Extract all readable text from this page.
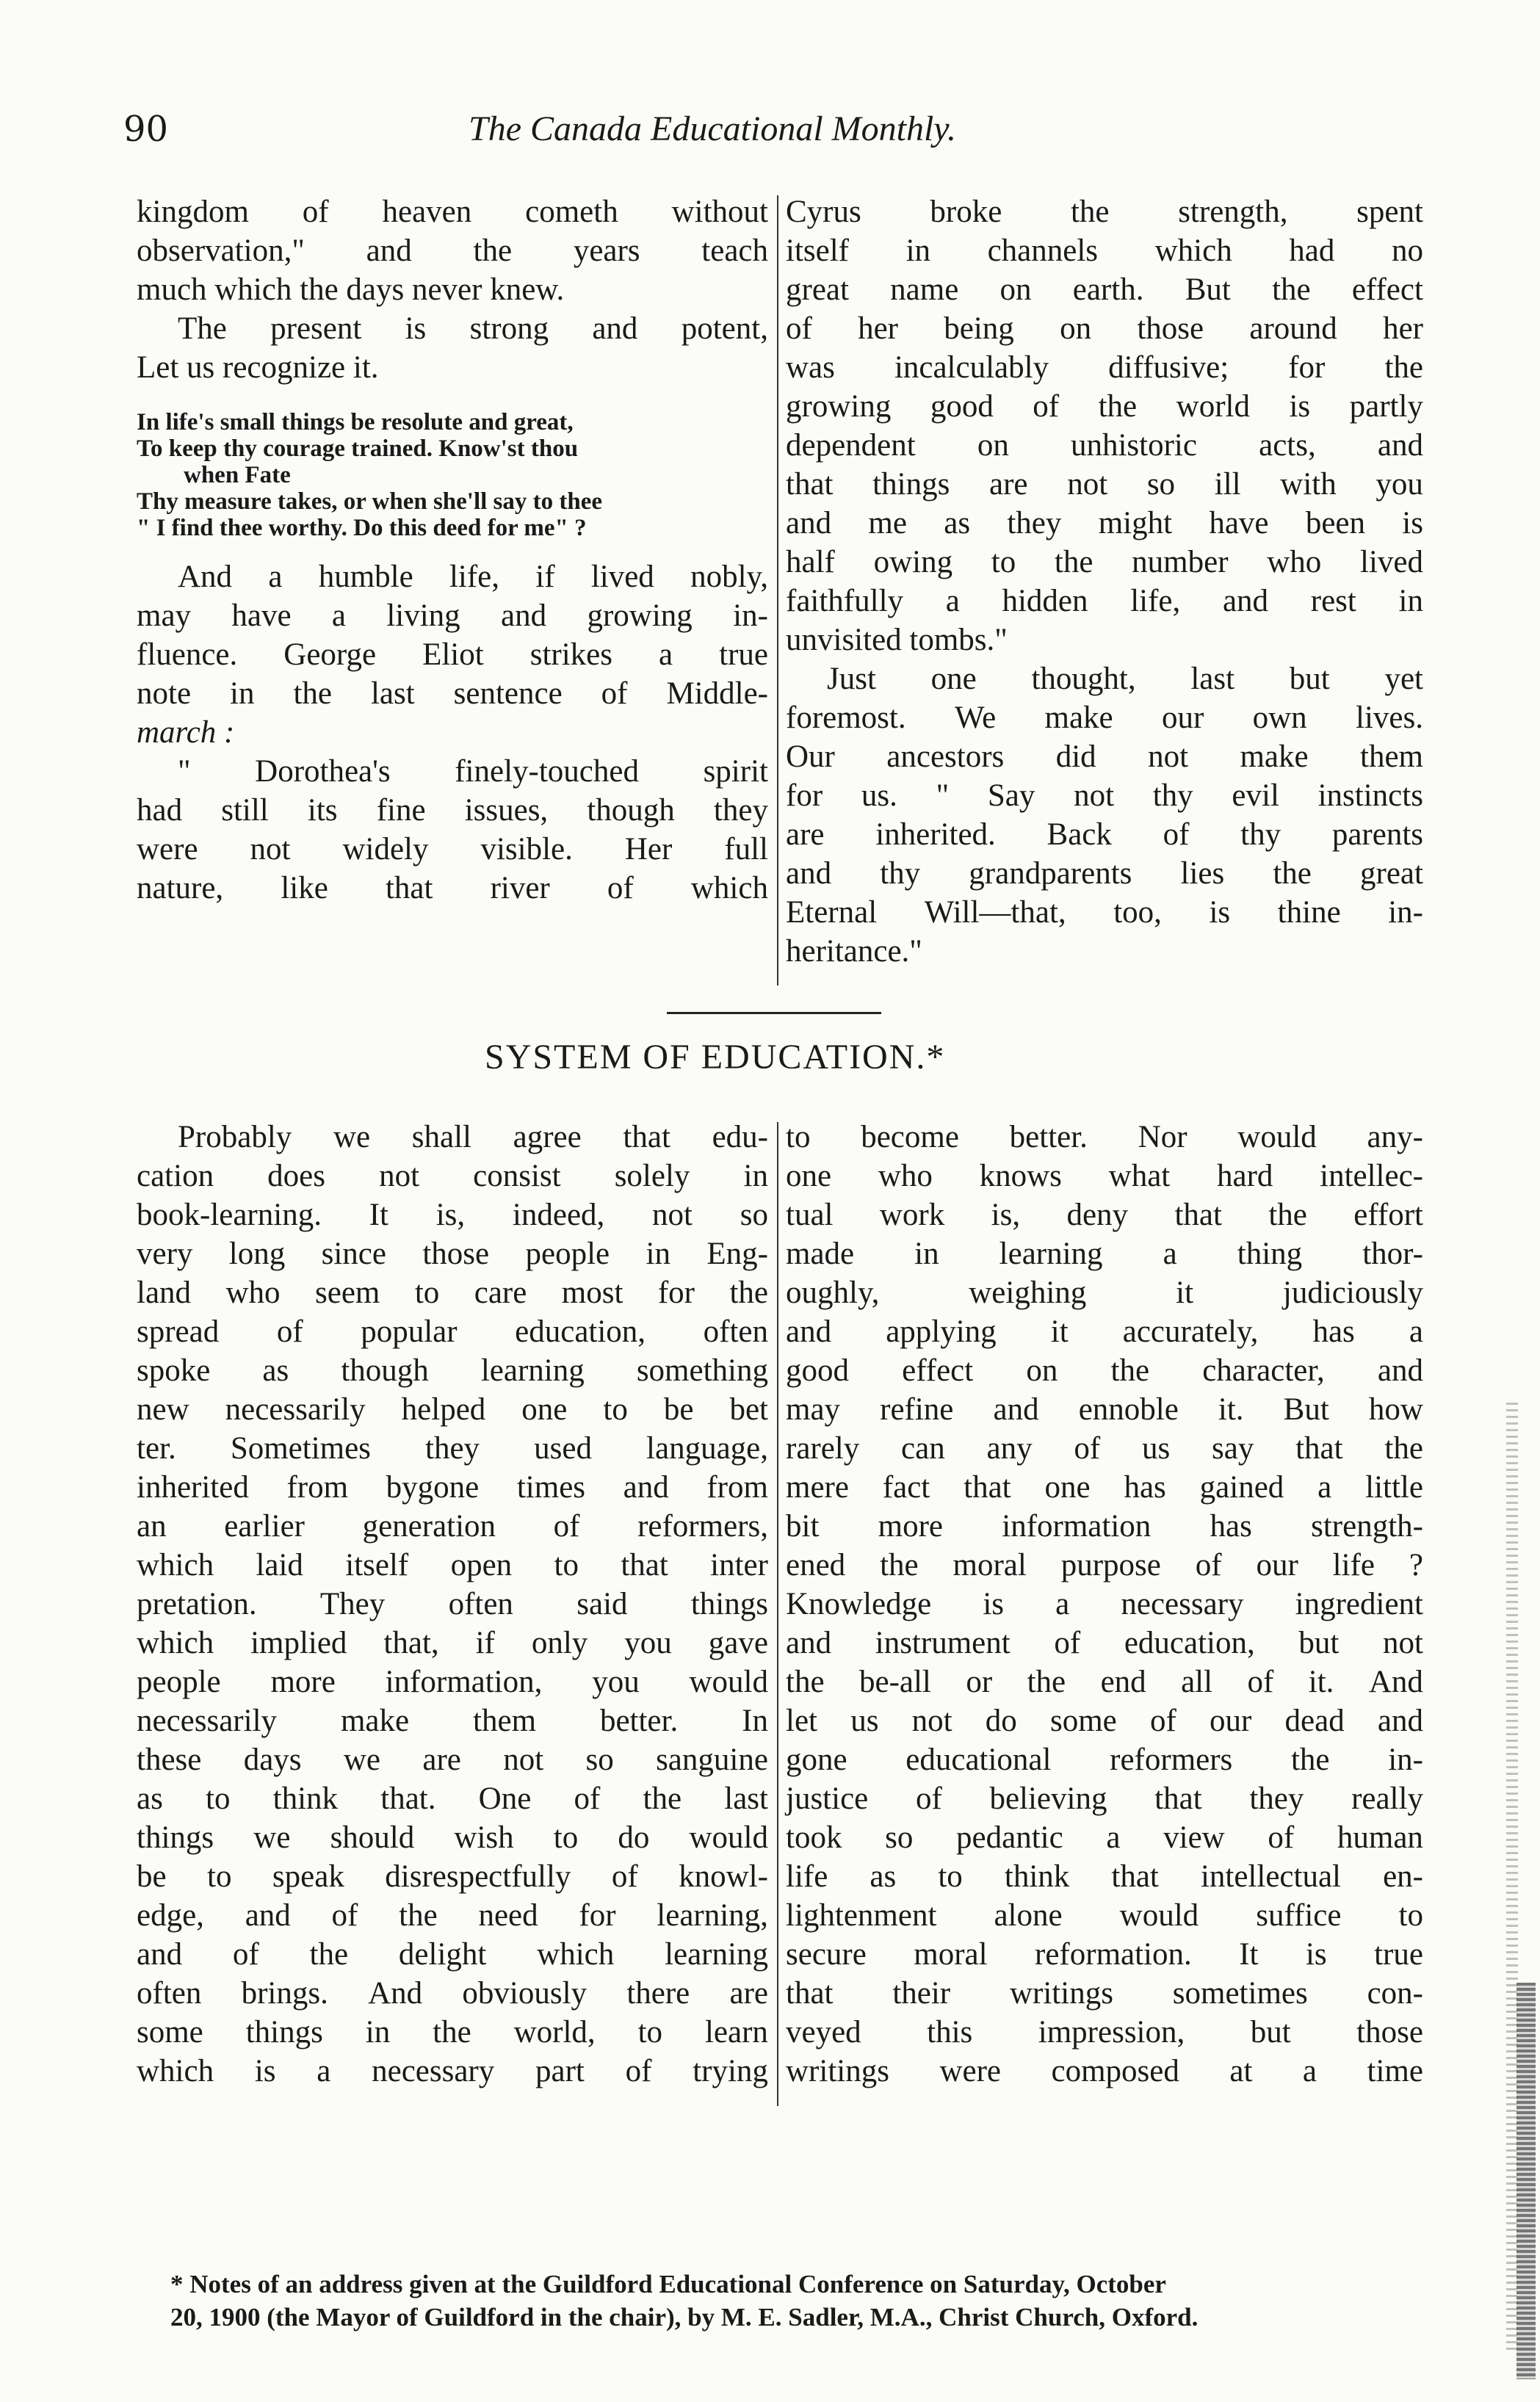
90	The Canada Educational Monthly.
kingdom of heaven cometh without
observation," and the years teach
much which the days never knew.
The present is strong and potent,
Let us recognize it.
In life's small things be resolute and great,
To keep thy courage trained. Know'st thou
when Fate
Thy measure takes, or when she'll say to thee
" I find thee worthy. Do this deed for me" ?
And a humble life, if lived nobly,
may have a living and growing in-
fluence. George Eliot strikes a true
note in the last sentence of Middle-
march :
" Dorothea's finely-touched spirit
had still its fine issues, though they
were not widely visible. Her full
nature, like that river of which
Cyrus broke the strength, spent
itself in channels which had no
great name on earth. But the effect
of her being on those around her
was incalculably diffusive; for the
growing good of the world is partly
dependent on unhistoric acts, and
that things are not so ill with you
and me as they might have been is
half owing to the number who lived
faithfully a hidden life, and rest in
unvisited tombs."
Just one thought, last but yet
foremost. We make our own lives.
Our ancestors did not make them
for us. " Say not thy evil instincts
are inherited. Back of thy parents
and thy grandparents lies the great
Eternal Will—that, too, is thine in-
heritance."
SYSTEM OF EDUCATION.*
Probably we shall agree that edu-
cation does not consist solely in
book-learning. It is, indeed, not so
very long since those people in Eng-
land who seem to care most for the
spread of popular education, often
spoke as though learning something
new necessarily helped one to be bet
ter. Sometimes they used language,
inherited from bygone times and from
an earlier generation of reformers,
which laid itself open to that inter
pretation. They often said things
which implied that, if only you gave
people more information, you would
necessarily make them better. In
these days we are not so sanguine
as to think that. One of the last
things we should wish to do would
be to speak disrespectfully of knowl-
edge, and of the need for learning,
and of the delight which learning
often brings. And obviously there are
some things in the world, to learn
which is a necessary part of trying
to become better. Nor would any-
one who knows what hard intellec-
tual work is, deny that the effort
made in learning a thing thor-
oughly,	weighing	it	judiciously
and applying it accurately, has a
good effect on the character, and
may refine and ennoble it. But how
rarely can any of us say that the
mere fact that one has gained a little
bit more information has strength-
ened the moral purpose of our life ?
Knowledge is a necessary ingredient
and instrument of education, but not
the be-all or the end all of it. And
let us not do some of our dead and
gone educational reformers the in-
justice of believing that they really
took so pedantic a view of human
life as to think that intellectual en-
lightenment alone would suffice to
secure moral reformation. It is true
that their writings sometimes con-
veyed this impression, but those
writings were composed at a time
* Notes of an address given at the Guildford Educational Conference on Saturday, October
20, 1900 (the Mayor of Guildford in the chair), by M. E. Sadler, M.A., Christ Church, Oxford.
